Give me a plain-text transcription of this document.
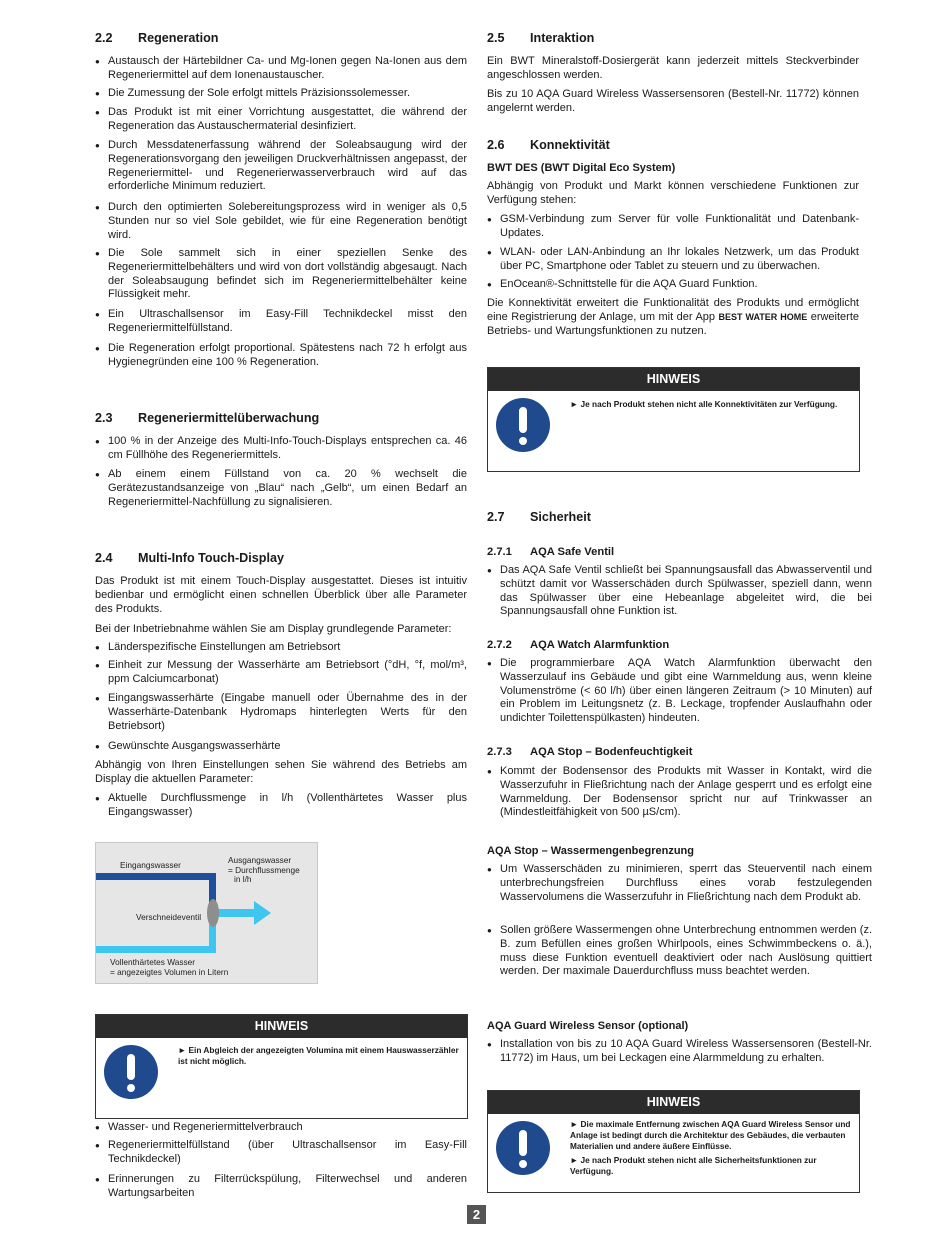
2.2	Regeneration
● Austausch der Härtebildner Ca- und Mg-Ionen gegen Na-Ionen aus dem Regeneriermittel auf dem Ionenaustauscher.
● Die Zumessung der Sole erfolgt mittels Präzisionssolemesser.
● Das Produkt ist mit einer Vorrichtung ausgestattet, die während der Regeneration das Austauschermaterial desinfiziert.
● Durch Messdatenerfassung während der Soleabsaugung wird der Regenerationsvorgang den jeweiligen Druckverhältnissen angepasst, der Regeneriermittel- und Regenerierwasserverbrauch wird auf das erforderliche Minimum reduziert.
● Durch den optimierten Solebereitungsprozess wird in weniger als 0,5 Stunden nur so viel Sole gebildet, wie für eine Regeneration benötigt wird.
● Die Sole sammelt sich in einer speziellen Senke des Regeneriermittelbehälters und wird von dort vollständig abgesaugt. Nach der Soleabsaugung befindet sich im Regeneriermittelbehälter keine Flüssigkeit mehr.
● Ein Ultraschallsensor im Easy-Fill Technikdeckel misst den Regeneriermittelfüllstand.
● Die Regeneration erfolgt proportional. Spätestens nach 72 h erfolgt aus Hygienegründen eine 100 % Regeneration.
2.3	Regeneriermittelüberwachung
● 100 % in der Anzeige des Multi-Info-Touch-Displays entsprechen ca. 46 cm Füllhöhe des Regeneriermittels.
● Ab einem einem Füllstand von ca. 20 % wechselt die Gerätezustandsanzeige von „Blau“ nach „Gelb“, um einen Bedarf an Regeneriermittel-Nachfüllung zu signalisieren.
2.4	Multi-Info Touch-Display
Das Produkt ist mit einem Touch-Display ausgestattet. Dieses ist intuitiv bedienbar und ermöglicht einen schnellen Überblick über alle Parameter des Produkts.
Bei der Inbetriebnahme wählen Sie am Display grundlegende Parameter:
● Länderspezifische Einstellungen am Betriebsort
● Einheit zur Messung der Wasserhärte am Betriebsort (°dH, °f, mol/m³, ppm Calciumcarbonat)
● Eingangswasserhärte (Eingabe manuell oder Übernahme des in der Wasserhärte-Datenbank Hydromaps hinterlegten Werts für den Betriebsort)
● Gewünschte Ausgangswasserhärte
Abhängig von Ihren Einstellungen sehen Sie während des Betriebs am Display die aktuellen Parameter:
● Aktuelle Durchflussmenge in l/h (Vollenthärtetes Wasser plus Eingangswasser)
Eingangswasser	Ausgangswasser
= Durchflussmenge
in l/h
Verschneideventil
Vollenthärtetes Wasser
= angezeigtes Volumen in Litern
HINWEIS
► Ein Abgleich der angezeigten Volumina mit einem Hauswasserzähler ist nicht möglich.
● Wasser- und Regeneriermittelverbrauch
● Regeneriermittelfüllstand (über Ultraschallsensor im Easy-Fill Technikdeckel)
● Erinnerungen zu Filterrückspülung, Filterwechsel und anderen Wartungsarbeiten
2.5	Interaktion
Ein BWT Mineralstoff-Dosiergerät kann jederzeit mittels Steckverbinder angeschlossen werden.
Bis zu 10 AQA Guard Wireless Wassersensoren (Bestell-Nr. 11772) können angelernt werden.
2.6	Konnektivität
BWT DES (BWT Digital Eco System)
Abhängig von Produkt und Markt können verschiedene Funktionen zur Verfügung stehen:
● GSM-Verbindung zum Server für volle Funktionalität und Datenbank-Updates.
● WLAN- oder LAN-Anbindung an Ihr lokales Netzwerk, um das Produkt über PC, Smartphone oder Tablet zu steuern und zu überwachen.
● EnOcean®-Schnittstelle für die AQA Guard Funktion.
Die Konnektivität erweitert die Funktionalität des Produkts und ermöglicht eine Registrierung der Anlage, um mit der App BEST WATER HOME erweiterte Betriebs- und Wartungsfunktionen zu nutzen.
HINWEIS
► Je nach Produkt stehen nicht alle Konnektivitäten zur Verfügung.
2.7	Sicherheit
2.7.1	AQA Safe Ventil
● Das AQA Safe Ventil schließt bei Spannungsausfall das Abwasserventil und schützt damit vor Wasserschäden durch Spülwasser, speziell dann, wenn das Spülwasser über eine Hebeanlage abgeleitet wird, die bei Spannungsausfall ohne Funktion ist.
2.7.2	AQA Watch Alarmfunktion
● Die programmierbare AQA Watch Alarmfunktion überwacht den Wasserzulauf ins Gebäude und gibt eine Warnmeldung aus, wenn kleine Volumenströme (< 60 l/h) über einen längeren Zeitraum (> 10 Minuten) auf ein Problem im Leitungsnetz (z. B. Leckage, tropfender Auslaufhahn oder undichter Toilettenspülkasten) hindeuten.
2.7.3	AQA Stop – Bodenfeuchtigkeit
● Kommt der Bodensensor des Produkts mit Wasser in Kontakt, wird die Wasserzufuhr in Fließrichtung nach der Anlage gesperrt und es erfolgt eine Warnmeldung. Der Bodensensor spricht nur auf Trinkwasser an (Mindestleitfähigkeit von 500 µS/cm).
AQA Stop – Wassermengenbegrenzung
● Um Wasserschäden zu minimieren, sperrt das Steuerventil nach einem unterbrechungsfreien Durchfluss eines vorab festzulegenden Wasservolumens die Wasserzufuhr in Fließrichtung nach dem Produkt ab.
● Sollen größere Wassermengen ohne Unterbrechung entnommen werden (z. B. zum Befüllen eines großen Whirlpools, eines Schwimmbeckens o. ä.), muss diese Funktion eventuell deaktiviert oder nach Auslösung quittiert werden. Der maximale Dauerdurchfluss muss beachtet werden.
AQA Guard Wireless Sensor (optional)
● Installation von bis zu 10 AQA Guard Wireless Wassersensoren (Bestell-Nr. 11772) im Haus, um bei Leckagen eine Alarmmeldung zu erhalten.
HINWEIS
► Die maximale Entfernung zwischen AQA Guard Wireless Sensor und Anlage ist bedingt durch die Architektur des Gebäudes, die verbauten Materialien und andere äußere Einflüsse.
► Je nach Produkt stehen nicht alle Sicherheitsfunktionen zur Verfügung.
2
